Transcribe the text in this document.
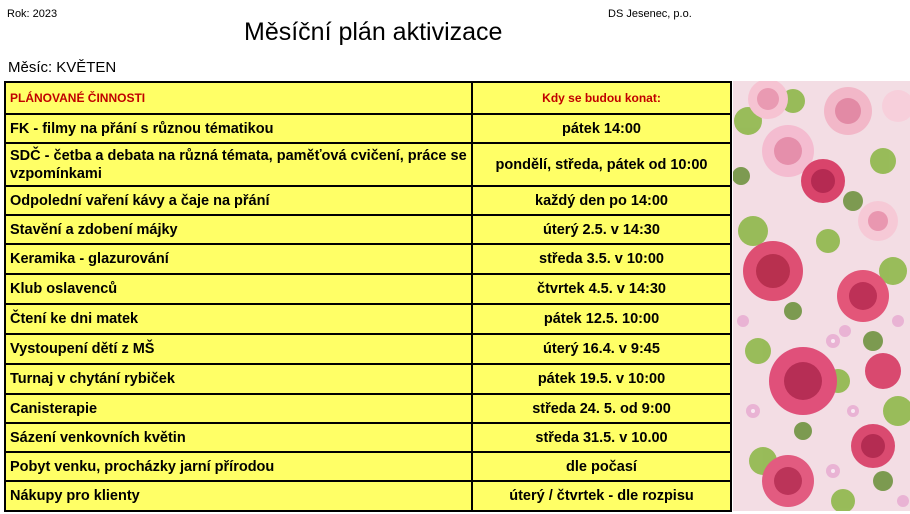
Rok: 2023	DS Jesenec, p.o.
Měsíční plán aktivizace
Měsíc: KVĚTEN
PLÁNOVANÉ ČINNOSTI	Kdy se budou konat:
FK - filmy na přání s různou tématikou	pátek 14:00
SDČ - četba a debata na různá témata, paměťová cvičení, práce se vzpomínkami	pondělí, středa, pátek od 10:00
Odpolední vaření kávy a čaje na přání	každý den po 14:00
Stavění a zdobení májky	úterý 2.5. v 14:30
Keramika - glazurování	středa 3.5. v 10:00
Klub oslavenců	čtvrtek 4.5. v 14:30
Čtení ke dni matek	pátek 12.5. 10:00
Vystoupení dětí z MŠ	úterý 16.4. v 9:45
Turnaj v chytání rybiček	pátek 19.5. v 10:00
Canisterapie	středa 24. 5. od 9:00
Sázení venkovních květin	středa 31.5. v 10.00
Pobyt venku, procházky jarní přírodou	dle počasí
Nákupy pro klienty	úterý / čtvrtek - dle rozpisu
